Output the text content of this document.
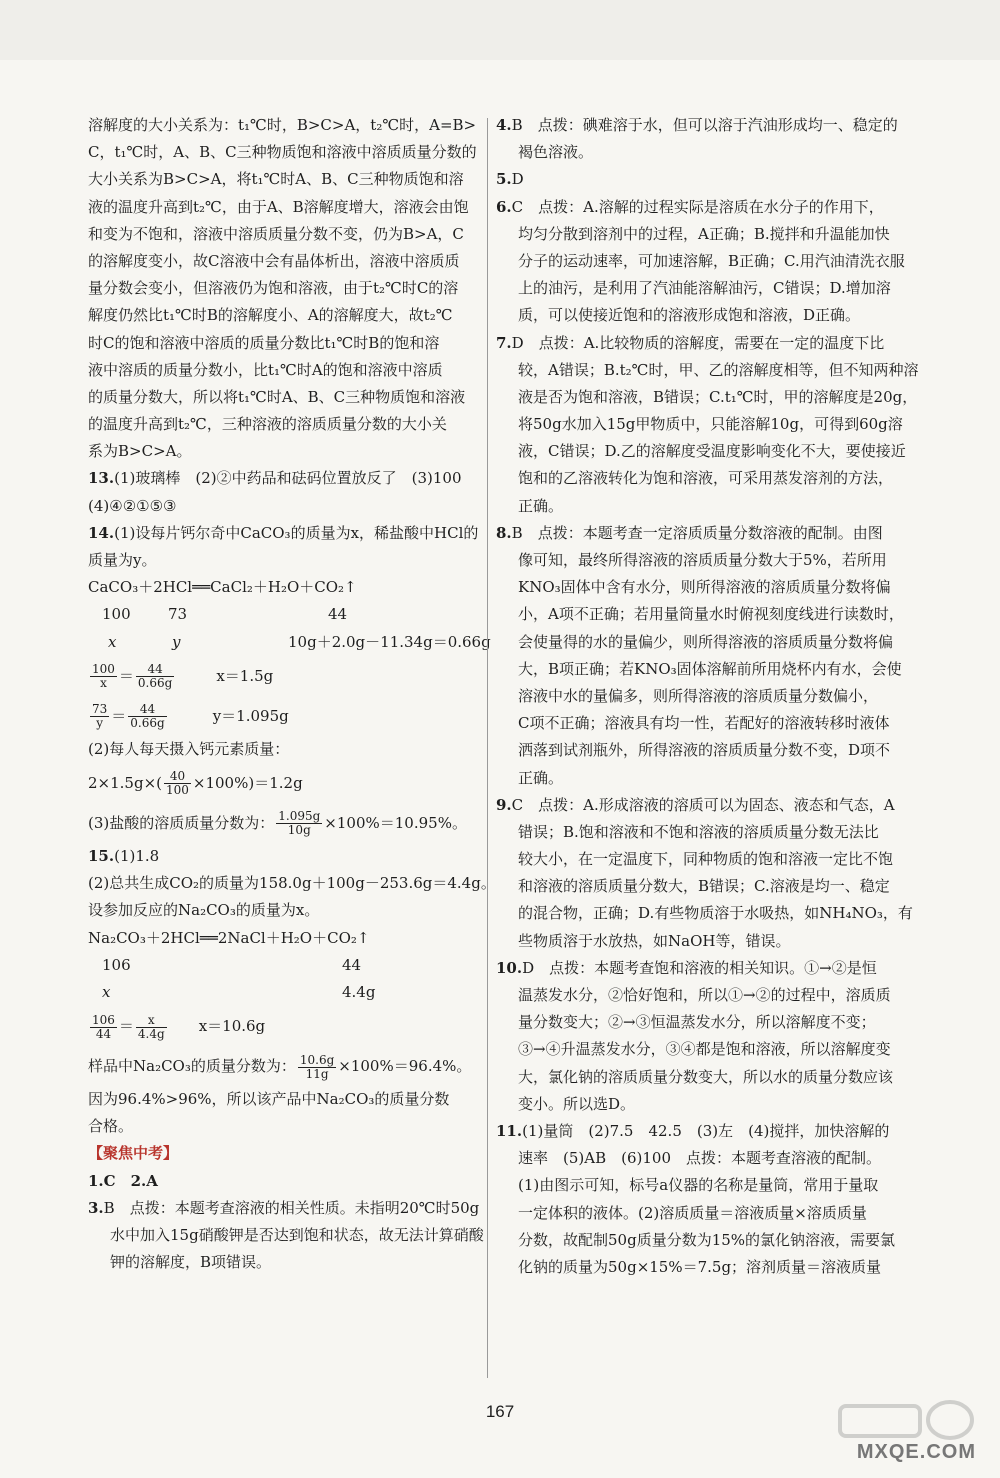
溶解度的大小关系为：t₁℃时，B>C>A，t₂℃时，A=B>
C，t₁℃时，A、B、C三种物质饱和溶液中溶质质量分数的
大小关系为B>C>A，将t₁℃时A、B、C三种物质饱和溶
液的温度升高到t₂℃，由于A、B溶解度增大，溶液会由饱
和变为不饱和，溶液中溶质质量分数不变，仍为B>A，C
的溶解度变小，故C溶液中会有晶体析出，溶液中溶质质
量分数会变小，但溶液仍为饱和溶液，由于t₂℃时C的溶
解度仍然比t₁℃时B的溶解度小、A的溶解度大，故t₂℃
时C的饱和溶液中溶质的质量分数比t₁℃时B的饱和溶
液中溶质的质量分数小，比t₁℃时A的饱和溶液中溶质
的质量分数大，所以将t₁℃时A、B、C三种物质饱和溶液
的温度升高到t₂℃，三种溶液的溶质质量分数的大小关
系为B>C>A。
13.(1)玻璃棒　(2)②中药品和砝码位置放反了　(3)100
(4)④②①⑤③
14.(1)设每片钙尔奇中CaCO₃的质量为x，稀盐酸中HCl的
质量为y。
CaCO₃＋2HCl══CaCl₂＋H₂O＋CO₂↑
100 73	44
x	y	10g＋2.0g－11.34g＝0.66g
$\frac{100}{x} = \frac{44}{0.66g}$	x＝1.5g
$\frac{73}{y} = \frac{44}{0.66g}$	y＝1.095g
(2)每人每天摄入钙元素质量：
$2\times 1.5g\times( \frac{40}{100} \times 100\%)=1.2g$
(3)盐酸的溶质质量分数为： $\frac{1.095g}{10g} \times 100\%=10.95\%$。
15.(1)1.8
(2)总共生成CO₂的质量为158.0g＋100g－253.6g＝4.4g。
设参加反应的Na₂CO₃的质量为x。
Na₂CO₃＋2HCl══2NaCl＋H₂O＋CO₂↑
106	44
x	4.4g
$\frac{106}{44} = \frac{x}{4.4g} x=10.6g$
样品中Na₂CO₃的质量分数为： $\frac{10.6g}{11g} \times 100\%=96.4\%$。
因为96.4%>96%，所以该产品中Na₂CO₃的质量分数
合格。
【聚焦中考】
1.C　2.A
3.B　点拨：本题考查溶液的相关性质。未指明20℃时50g
水中加入15g硝酸钾是否达到饱和状态，故无法计算硝酸
钾的溶解度，B项错误。
4.B　点拨：碘难溶于水，但可以溶于汽油形成均一、稳定的
褐色溶液。
5.D
6.C　点拨：A.溶解的过程实际是溶质在水分子的作用下，
均匀分散到溶剂中的过程，A正确；B.搅拌和升温能加快
分子的运动速率，可加速溶解，B正确；C.用汽油清洗衣服
上的油污，是利用了汽油能溶解油污，C错误；D.增加溶
质，可以使接近饱和的溶液形成饱和溶液，D正确。
7.D　点拨：A.比较物质的溶解度，需要在一定的温度下比
较，A错误；B.t₂℃时，甲、乙的溶解度相等，但不知两种溶
液是否为饱和溶液，B错误；C.t₁℃时，甲的溶解度是20g，
将50g水加入15g甲物质中，只能溶解10g，可得到60g溶
液，C错误；D.乙的溶解度受温度影响变化不大，要使接近
饱和的乙溶液转化为饱和溶液，可采用蒸发溶剂的方法，
正确。
8.B　点拨：本题考查一定溶质质量分数溶液的配制。由图
像可知，最终所得溶液的溶质质量分数大于5%，若所用
KNO₃固体中含有水分，则所得溶液的溶质质量分数将偏
小，A项不正确；若用量筒量水时俯视刻度线进行读数时，
会使量得的水的量偏少，则所得溶液的溶质质量分数将偏
大，B项正确；若KNO₃固体溶解前所用烧杯内有水，会使
溶液中水的量偏多，则所得溶液的溶质质量分数偏小，
C项不正确；溶液具有均一性，若配好的溶液转移时液体
洒落到试剂瓶外，所得溶液的溶质质量分数不变，D项不
正确。
9.C　点拨：A.形成溶液的溶质可以为固态、液态和气态，A
错误；B.饱和溶液和不饱和溶液的溶质质量分数无法比
较大小，在一定温度下，同种物质的饱和溶液一定比不饱
和溶液的溶质质量分数大，B错误；C.溶液是均一、稳定
的混合物，正确；D.有些物质溶于水吸热，如NH₄NO₃，有
些物质溶于水放热，如NaOH等，错误。
10.D　点拨：本题考查饱和溶液的相关知识。①→②是恒
温蒸发水分，②恰好饱和，所以①→②的过程中，溶质质
量分数变大；②→③恒温蒸发水分，所以溶解度不变；
③→④升温蒸发水分，③④都是饱和溶液，所以溶解度变
大，氯化钠的溶质质量分数变大，所以水的质量分数应该
变小。所以选D。
11.(1)量筒　(2)7.5　42.5　(3)左　(4)搅拌，加快溶解的
速率　(5)AB　(6)100　点拨：本题考查溶液的配制。
(1)由图示可知，标号a仪器的名称是量筒，常用于量取
一定体积的液体。(2)溶质质量＝溶液质量×溶质质量
分数，故配制50g质量分数为15%的氯化钠溶液，需要氯
化钠的质量为50g×15%＝7.5g；溶剂质量＝溶液质量
167
MXQE.COM
